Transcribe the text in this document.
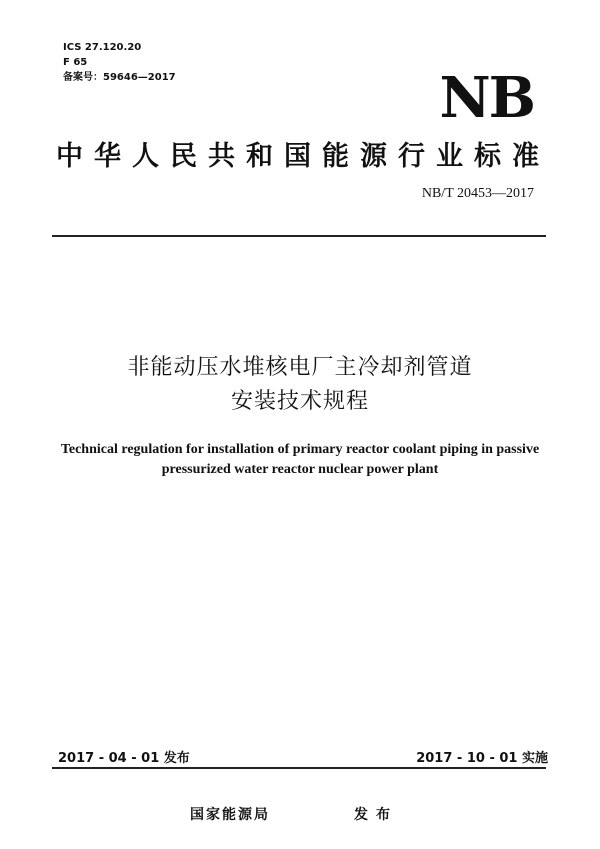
ICS 27.120.20
F 65
备案号：59646—2017	NB
中华人民共和国能源行业标准
NB/T 20453—2017
非能动压水堆核电厂主冷却剂管道
安装技术规程
Technical regulation for installation of primary reactor coolant piping in passive
pressurized water reactor nuclear power plant
2017 - 04 - 01 发布	2017 - 10 - 01 实施
国家能源局	发布
